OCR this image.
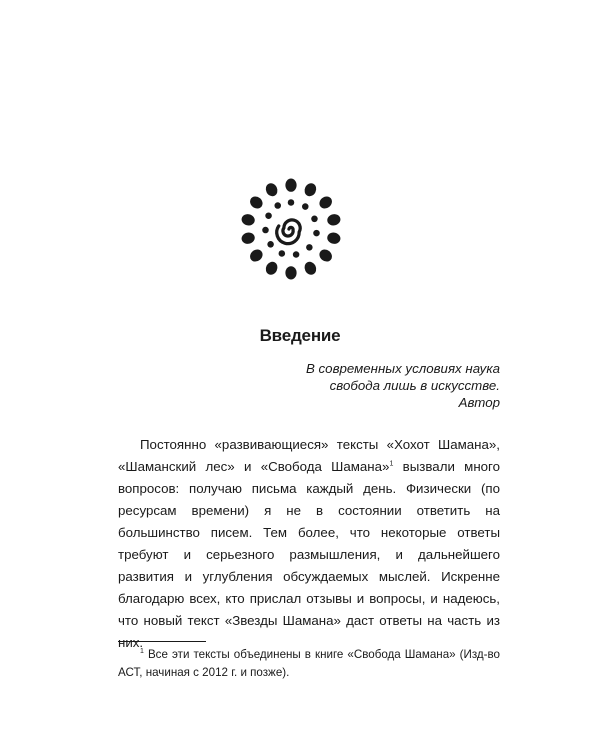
Введение
В современных условиях наука
свобода лишь в искусстве.
Автор

Постоянно «развивающиеся» тексты «Хохот Шамана», «Шаманский лес» и «Свобода Шамана»$^1$ вызвали много вопросов: получаю письма каждый день. Физически (по ресурсам времени) я не в состоянии ответить на большинство писем. Тем более, что некоторые ответы требуют и серьезного размышления, и дальнейшего развития и углубления обсуждаемых мыслей. Искренне благодарю всех, кто прислал отзывы и вопросы, и надеюсь, что новый текст «Звезды Шамана» даст ответы на часть из них.

$^1$ Все эти тексты объединены в книге «Свобода Шамана» (Изд-во АСТ, начиная с 2012 г. и позже).
